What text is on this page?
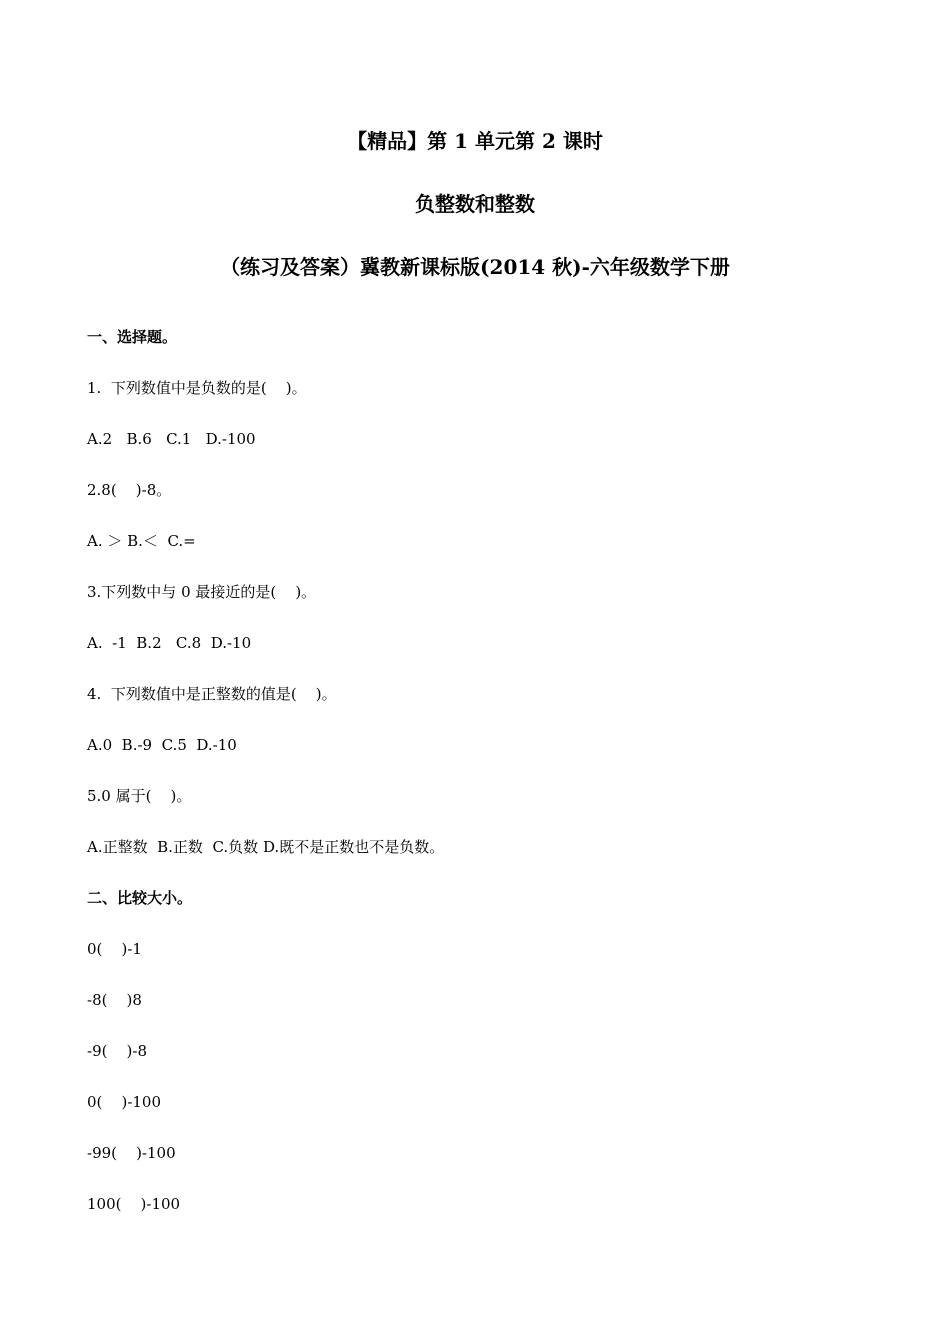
【精品】第 1 单元第 2 课时
负整数和整数
（练习及答案）冀教新课标版(2014 秋)-六年级数学下册
一、选择题。
1.  下列数值中是负数的是(    )。
A.2   B.6   C.1   D.-100
2.8(    )-8。
A. ＞ B.＜  C.=
3.下列数中与 0 最接近的是(    )。
A.  -1  B.2   C.8  D.-10
4.  下列数值中是正整数的值是(    )。
A.0  B.-9  C.5  D.-10
5.0 属于(    )。
A.正整数  B.正数  C.负数 D.既不是正数也不是负数。
二、比较大小。
0(    )-1
-8(    )8
-9(    )-8
0(    )-100
-99(    )-100
100(    )-100
